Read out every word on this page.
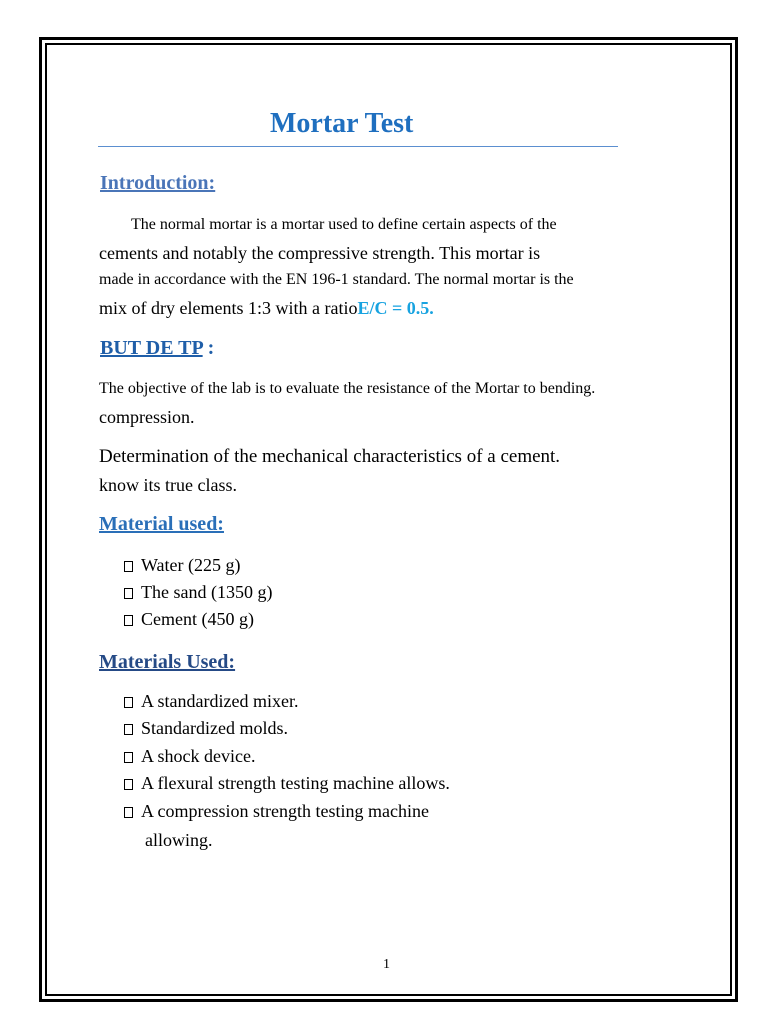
Mortar Test
Introduction:
The normal mortar is a mortar used to define certain aspects of the
cements and notably the compressive strength. This mortar is
made in accordance with the EN 196-1 standard. The normal mortar is the
mix of dry elements 1:3 with a ratioE/C = 0.5.
BUT DE TP :
The objective of the lab is to evaluate the resistance of the Mortar to bending.
compression.
Determination of the mechanical characteristics of a cement.
know its true class.
Material used:
Water (225 g)
The sand (1350 g)
Cement (450 g)
Materials Used:
A standardized mixer.
Standardized molds.
A shock device.
A flexural strength testing machine allows.
A compression strength testing machine
allowing.
1
